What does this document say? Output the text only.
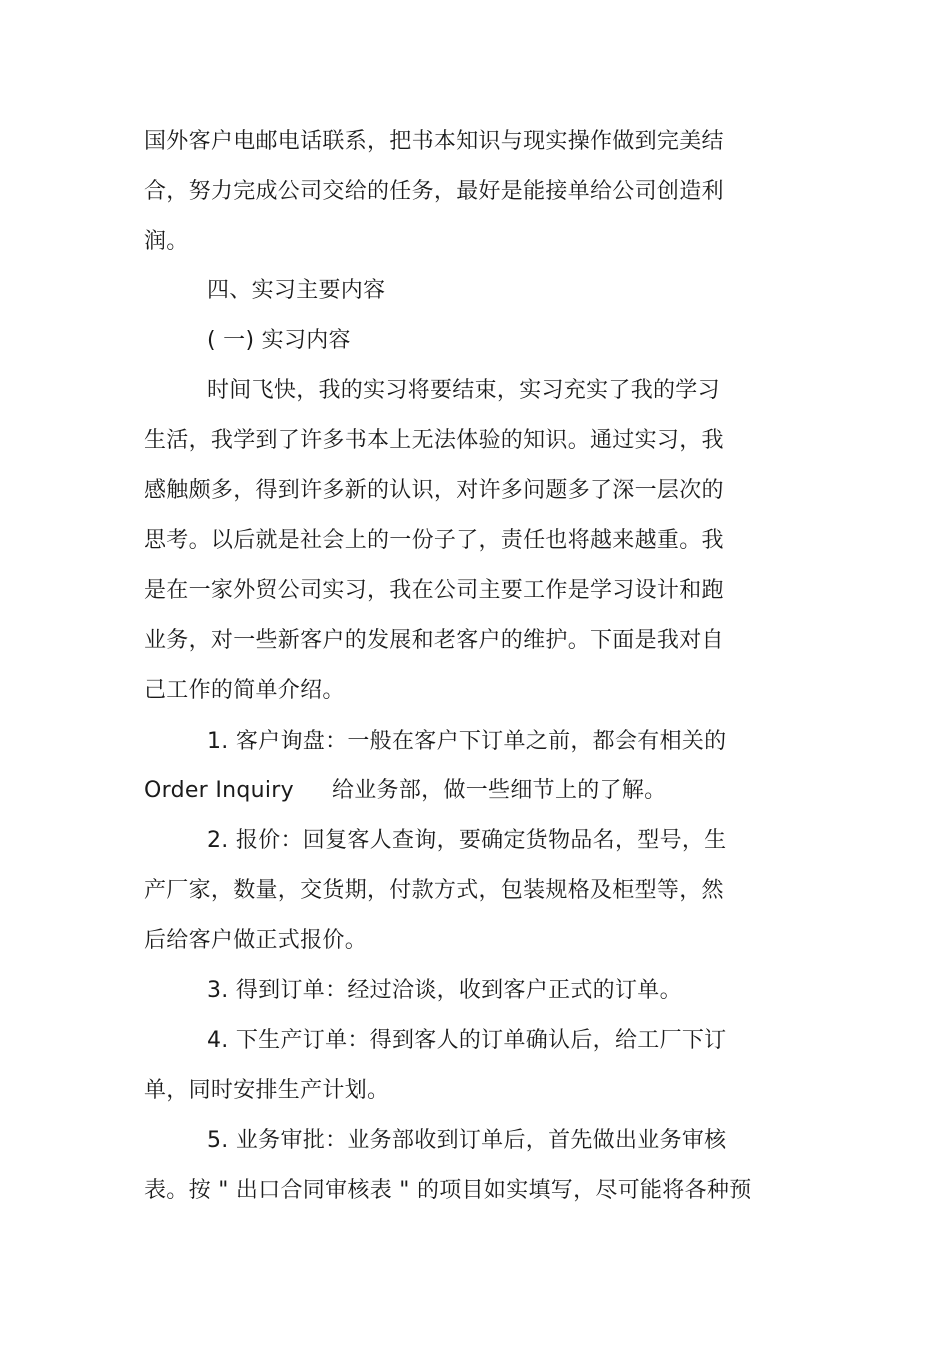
国外客户电邮电话联系，把书本知识与现实操作做到完美结
合，努力完成公司交给的任务，最好是能接单给公司创造利
润。
四、实习主要内容
( 一) 实习内容
时间飞快，我的实习将要结束，实习充实了我的学习
生活，我学到了许多书本上无法体验的知识。通过实习，我
感触颇多，得到许多新的认识，对许多问题多了深一层次的
思考。以后就是社会上的一份子了，责任也将越来越重。我
是在一家外贸公司实习，我在公司主要工作是学习设计和跑
业务，对一些新客户的发展和老客户的维护。下面是我对自
己工作的简单介绍。
1. 客户询盘：一般在客户下订单之前，都会有相关的
Order Inquiry 给业务部，做一些细节上的了解。
2. 报价：回复客人查询，要确定货物品名，型号，生
产厂家，数量，交货期，付款方式，包装规格及柜型等，然
后给客户做正式报价。
3. 得到订单：经过洽谈，收到客户正式的订单。
4. 下生产订单：得到客人的订单确认后，给工厂下订
单，同时安排生产计划。
5. 业务审批：业务部收到订单后，首先做出业务审核
表。按 " 出口合同审核表 " 的项目如实填写，尽可能将各种预
